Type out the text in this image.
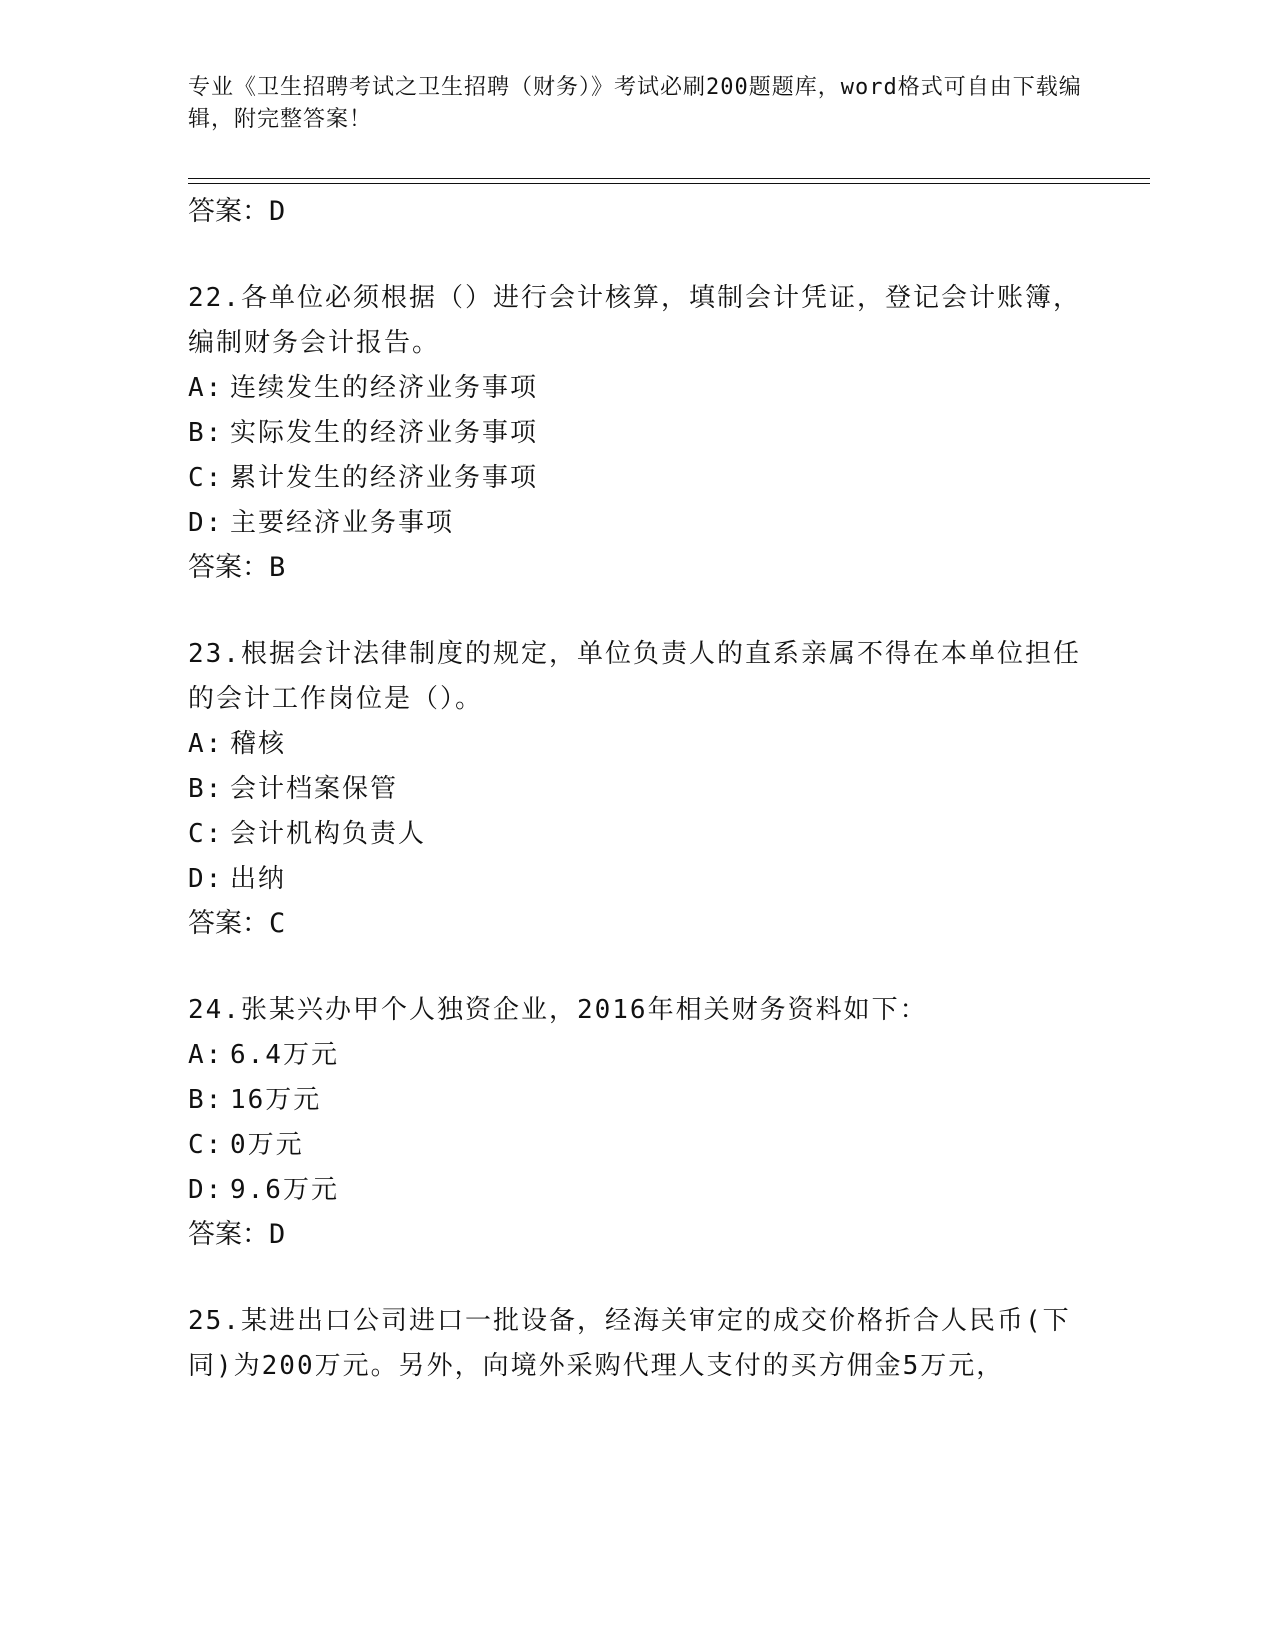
专业《卫生招聘考试之卫生招聘（财务）》考试必刷200题题库，word格式可自由下载编辑，附完整答案！
答案：D
22.各单位必须根据（）进行会计核算，填制会计凭证，登记会计账簿，编制财务会计报告。
A: 连续发生的经济业务事项
B: 实际发生的经济业务事项
C: 累计发生的经济业务事项
D: 主要经济业务事项
答案：B
23.根据会计法律制度的规定，单位负责人的直系亲属不得在本单位担任的会计工作岗位是（）。
A: 稽核
B: 会计档案保管
C: 会计机构负责人
D: 出纳
答案：C
24.张某兴办甲个人独资企业，2016年相关财务资料如下：
A: 6.4万元
B: 16万元
C: 0万元
D: 9.6万元
答案：D
25.某进出口公司进口一批设备，经海关审定的成交价格折合人民币(下同)为200万元。另外，向境外采购代理人支付的买方佣金5万元，
